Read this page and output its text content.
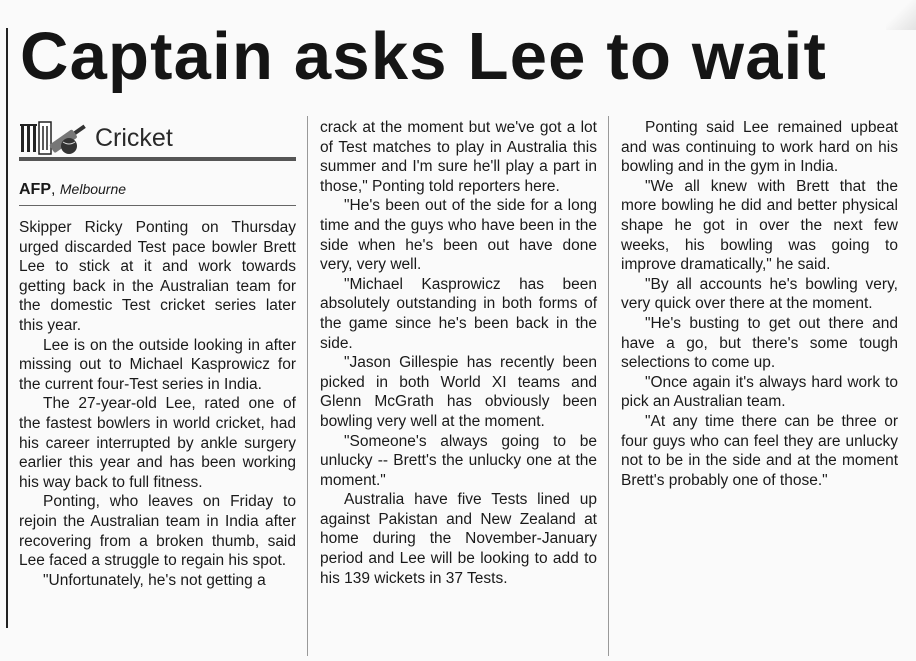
Captain asks Lee to wait
Cricket
AFP, Melbourne

Skipper Ricky Ponting on Thursday urged discarded Test pace bowler Brett Lee to stick at it and work towards getting back in the Australian team for the domestic Test cricket series later this year.

Lee is on the outside looking in after missing out to Michael Kasprowicz for the current four-Test series in India.

The 27-year-old Lee, rated one of the fastest bowlers in world cricket, had his career interrupted by ankle surgery earlier this year and has been working his way back to full fitness.

Ponting, who leaves on Friday to rejoin the Australian team in India after recovering from a broken thumb, said Lee faced a struggle to regain his spot.

"Unfortunately, he's not getting a

crack at the moment but we've got a lot of Test matches to play in Australia this summer and I'm sure he'll play a part in those," Ponting told reporters here.

"He's been out of the side for a long time and the guys who have been in the side when he's been out have done very, very well.

"Michael Kasprowicz has been absolutely outstanding in both forms of the game since he's been back in the side.

"Jason Gillespie has recently been picked in both World XI teams and Glenn McGrath has obviously been bowling very well at the moment.

"Someone's always going to be unlucky -- Brett's the unlucky one at the moment."

Australia have five Tests lined up against Pakistan and New Zealand at home during the November-January period and Lee will be looking to add to his 139 wickets in 37 Tests.

Ponting said Lee remained upbeat and was continuing to work hard on his bowling and in the gym in India.

"We all knew with Brett that the more bowling he did and better physical shape he got in over the next few weeks, his bowling was going to improve dramatically," he said.

"By all accounts he's bowling very, very quick over there at the moment.

"He's busting to get out there and have a go, but there's some tough selections to come up.

"Once again it's always hard work to pick an Australian team.

"At any time there can be three or four guys who can feel they are unlucky not to be in the side and at the moment Brett's probably one of those."
